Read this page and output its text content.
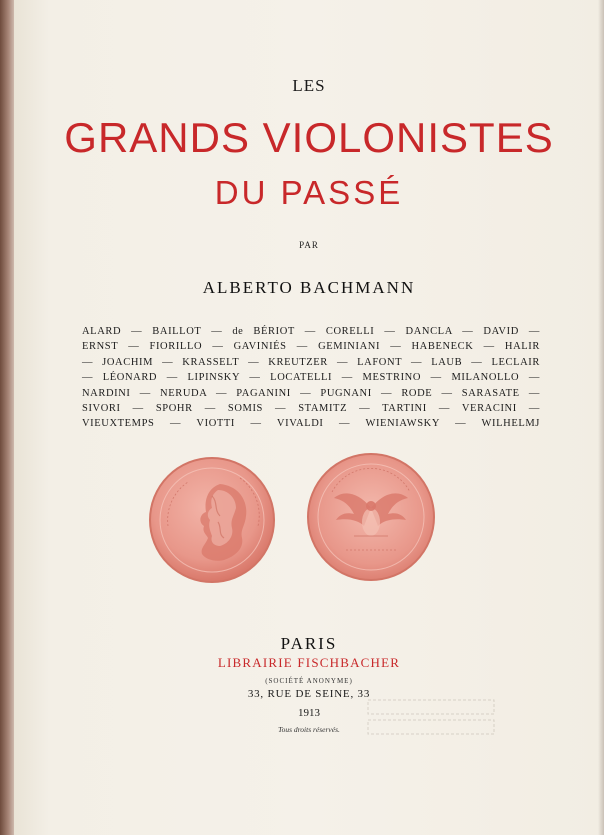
LES
GRANDS VIOLONISTES
DU PASSÉ
PAR
ALBERTO BACHMANN
ALARD — BAILLOT — de BÉRIOT — CORELLI — DANCLA — DAVID —
ERNST — FIORILLO — GAVINIÉS — GEMINIANI — HABENECK — HALIR
— JOACHIM — KRASSELT — KREUTZER — LAFONT — LAUB — LECLAIR
— LÉONARD — LIPINSKY — LOCATELLI — MESTRINO — MILANOLLO —
NARDINI — NERUDA — PAGANINI — PUGNANI — RODE — SARASATE —
SIVORI — SPOHR — SOMIS — STAMITZ — TARTINI — VERACINI —
VIEUXTEMPS — VIOTTI — VIVALDI — WIENIAWSKY — WILHELMJ
PARIS
LIBRAIRIE FISCHBACHER
(SOCIÉTÉ ANONYME)
33, RUE DE SEINE, 33
1913
Tous droits réservés.
